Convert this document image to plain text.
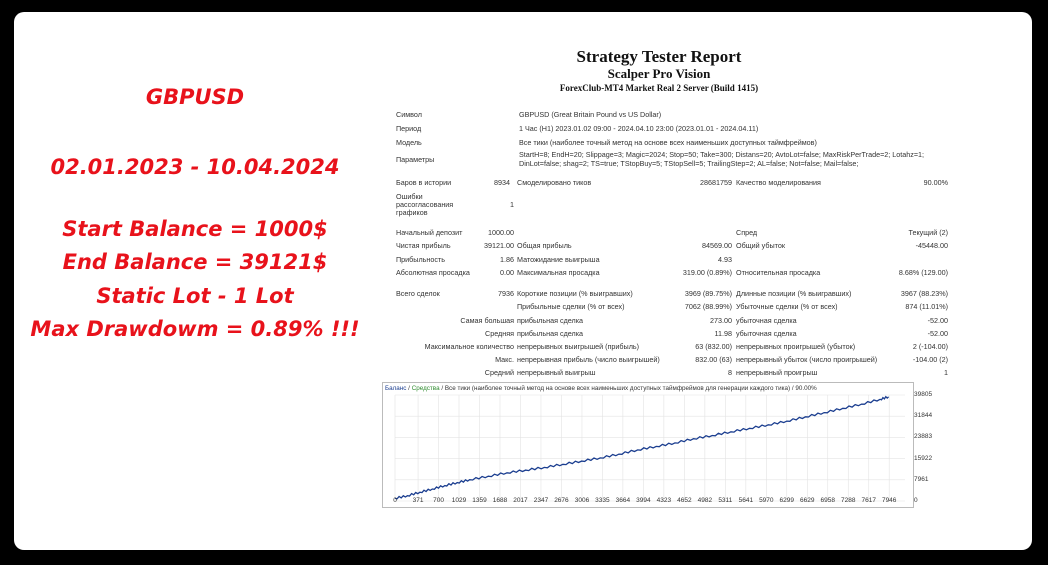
GBPUSD
02.01.2023 - 10.04.2024
Start Balance = 1000$
End Balance = 39121$
Static Lot - 1 Lot
Max Drawdowm = 0.89% !!!
Strategy Tester Report
Scalper Pro Vision
ForexClub-MT4 Market Real 2 Server (Build 1415)
Символ	GBPUSD (Great Britain Pound vs US Dollar)
Период	1 Час (H1) 2023.01.02 09:00 - 2024.04.10 23:00 (2023.01.01 - 2024.04.11)
Модель	Все тики (наиболее точный метод на основе всех наименьших доступных таймфреймов)
Параметры
StartH=8; EndH=20; Slippage=3; Magic=2024; Stop=50; Take=300; Distans=20; AvtoLot=false; MaxRiskPerTrade=2; Lotahz=1;
DinLot=false; shag=2; TS=true; TStopBuy=5; TStopSell=5; TrailingStep=2; AL=false; Not=false; Mail=false;
Баров в истории	8934 Смоделировано тиков	28681759 Качество моделирования	90.00%
Ошибки
рассогласования
графиков
1
Начальный депозит	1000.00	Спред	Текущий (2)
Чистая прибыль	39121.00 Общая прибыль	84569.00 Общий убыток	-45448.00
Прибыльность	1.86 Матожидание выигрыша	4.93
Абсолютная просадка	0.00 Максимальная просадка	319.00 (0.89%) Относительная просадка	8.68% (129.00)
Всего сделок	7936 Короткие позиции (% выигравших)	3969 (89.75%) Длинные позиции (% выигравших)	3967 (88.23%)
Прибыльные сделки (% от всех)	7062 (88.99%) Убыточные сделки (% от всех)	874 (11.01%)
Самая большая прибыльная сделка	273.00 убыточная сделка	-52.00
Средняя прибыльная сделка	11.98 убыточная сделка	-52.00
Максимальное количество непрерывных выигрышей (прибыль)	63 (832.00) непрерывных проигрышей (убыток)	2 (-104.00)
Макс. непрерывная прибыль (число выигрышей)	832.00 (63) непрерывный убыток (число проигрышей)	-104.00 (2)
Средний непрерывный выигрыш	8 непрерывный проигрыш	1
Баланс / Средства / Все тики (наиболее точный метод на основе всех наименьших доступных таймфреймов для генерации каждого тика) / 90.00%
39805
31844
23883
15922
7961
0
0 371 700 1029 1359 1688 2017 2347 2676 3006 3335 3664 3994 4323 4652 4982 5311 5641 5970 6299 6629 6958 7288 7617 7946
